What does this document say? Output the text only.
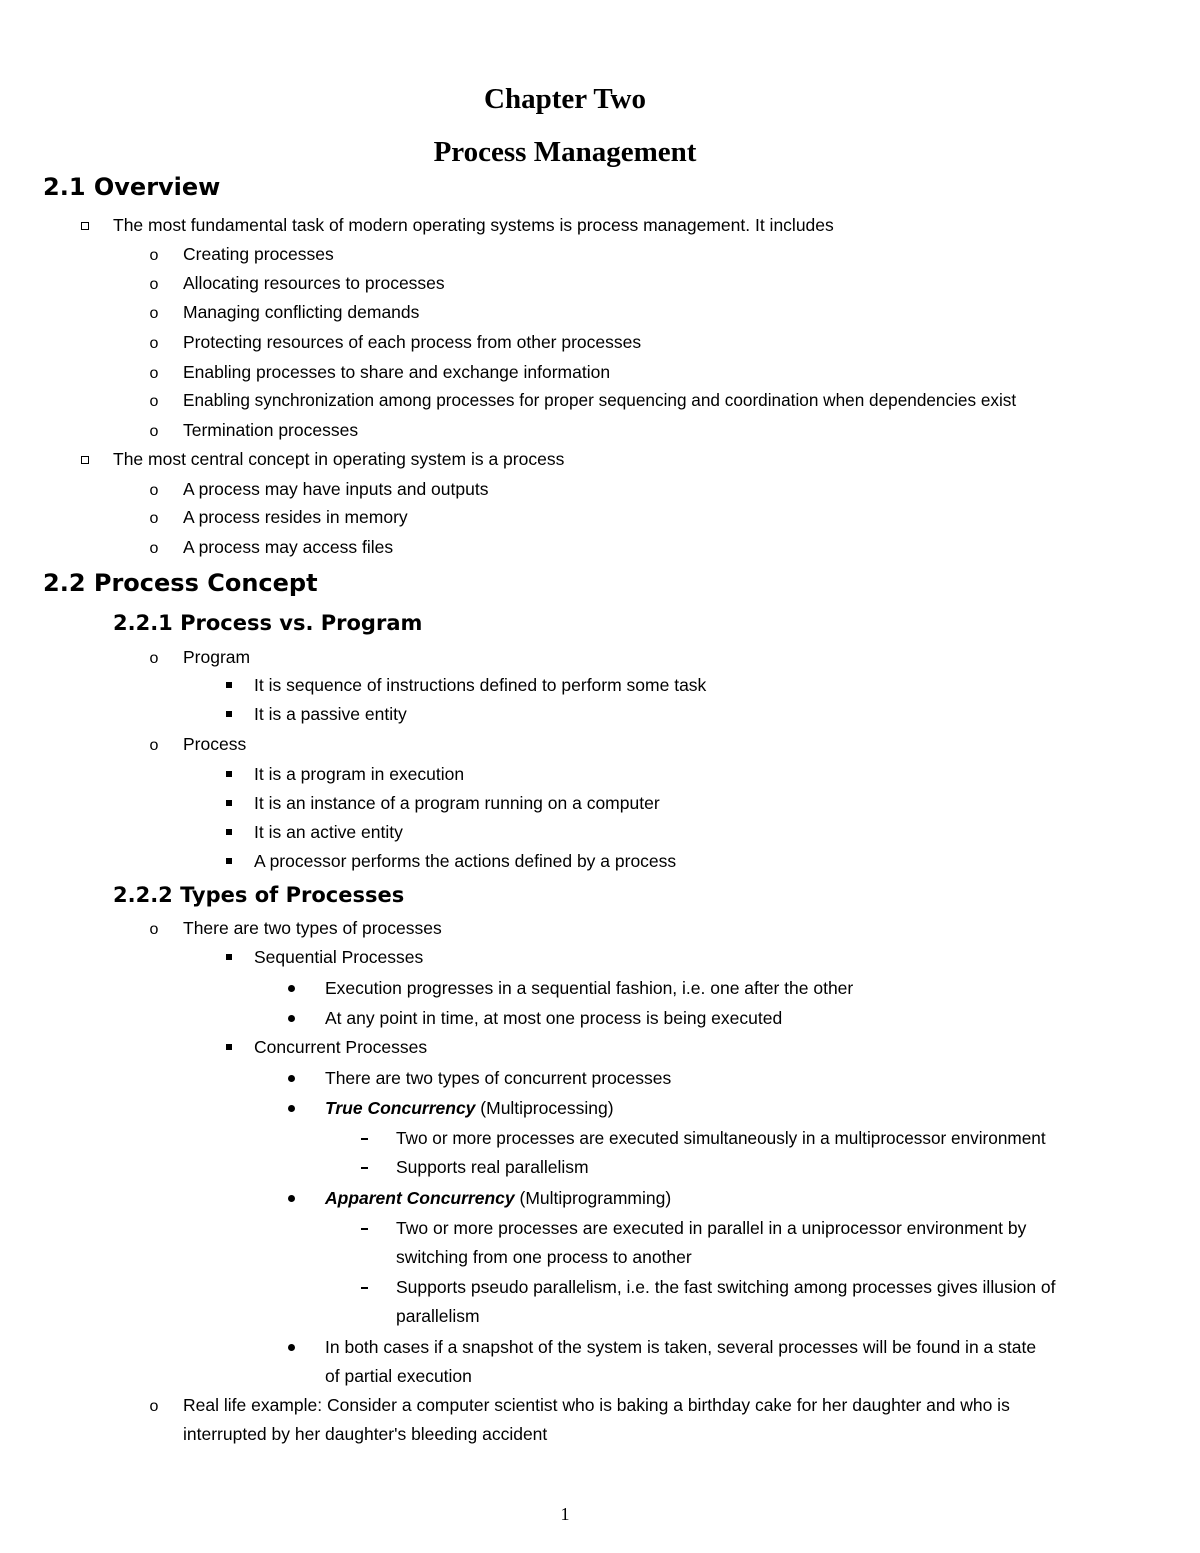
Chapter Two
Process Management
2.1 Overview
The most fundamental task of modern operating systems is process management. It includes
o	Creating processes
o	Allocating resources to processes
o	Managing conflicting demands
o	Protecting resources of each process from other processes
o	Enabling processes to share and exchange information
o	Enabling synchronization among processes for proper sequencing and coordination when dependencies exist
o	Termination processes
The most central concept in operating system is a process
o	A process may have inputs and outputs
o	A process resides in memory
o	A process may access files
2.2 Process Concept
2.2.1 Process vs. Program
o	Program
It is sequence of instructions defined to perform some task
It is a passive entity
o	Process
It is a program in execution
It is an instance of a program running on a computer
It is an active entity
A processor performs the actions defined by a process
2.2.2 Types of Processes
o	There are two types of processes
Sequential Processes
Execution progresses in a sequential fashion, i.e. one after the other
At any point in time, at most one process is being executed
Concurrent Processes
There are two types of concurrent processes
True Concurrency (Multiprocessing)
Two or more processes are executed simultaneously in a multiprocessor environment
Supports real parallelism
Apparent Concurrency (Multiprogramming)
Two or more processes are executed in parallel in a uniprocessor environment by
switching from one process to another
Supports pseudo parallelism, i.e. the fast switching among processes gives illusion of
parallelism
In both cases if a snapshot of the system is taken, several processes will be found in a state
of partial execution
o	Real life example: Consider a computer scientist who is baking a birthday cake for her daughter and who is
interrupted by her daughter's bleeding accident
1
